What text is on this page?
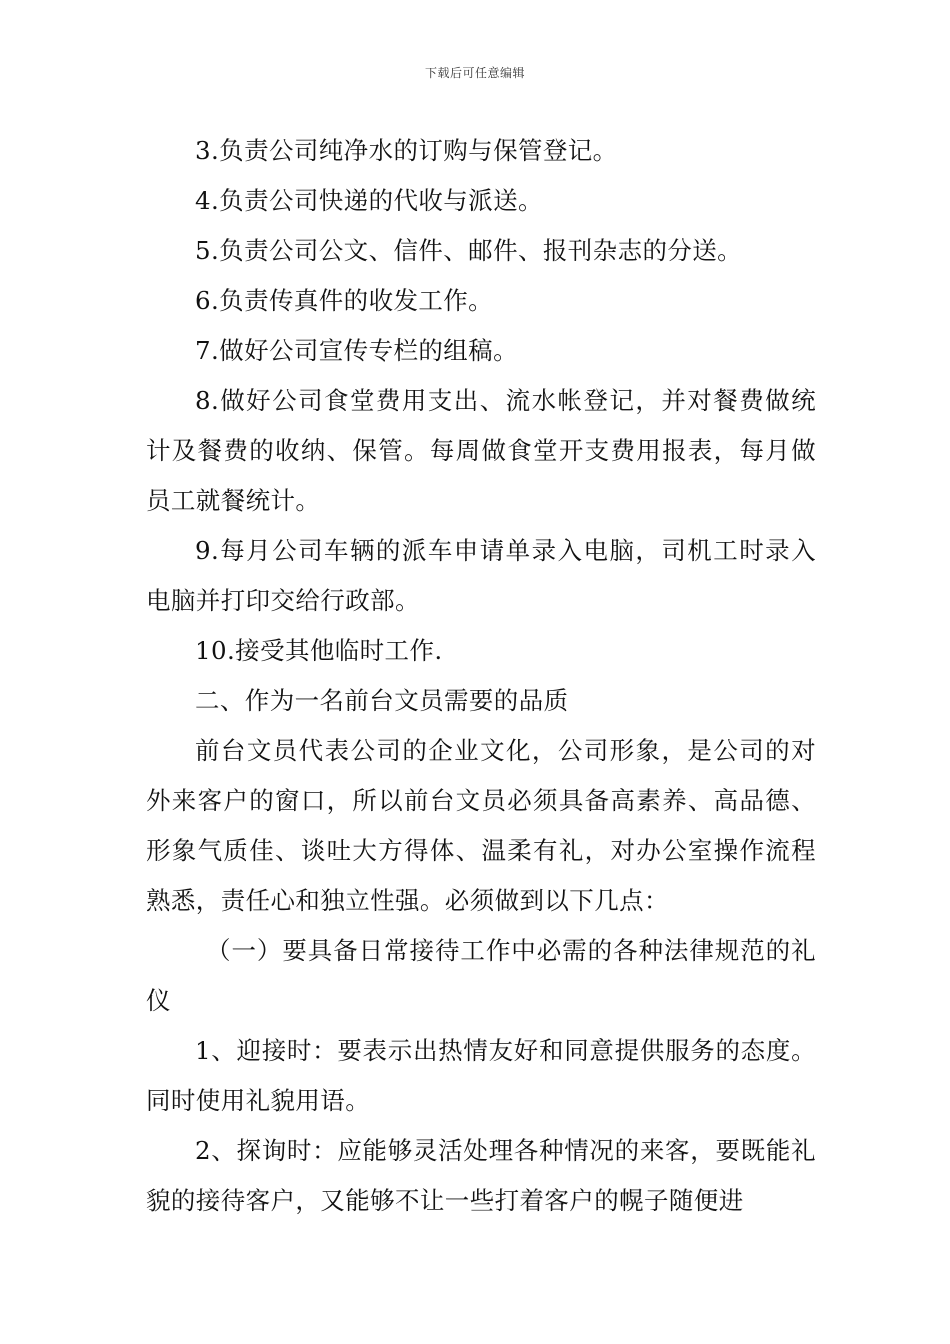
下载后可任意编辑

3.负责公司纯净水的订购与保管登记。

4.负责公司快递的代收与派送。

5.负责公司公文、信件、邮件、报刊杂志的分送。

6.负责传真件的收发工作。

7.做好公司宣传专栏的组稿。

8.做好公司食堂费用支出、流水帐登记，并对餐费做统计及餐费的收纳、保管。每周做食堂开支费用报表，每月做员工就餐统计。

9.每月公司车辆的派车申请单录入电脑，司机工时录入电脑并打印交给行政部。

10.接受其他临时工作.

二、作为一名前台文员需要的品质

前台文员代表公司的企业文化，公司形象，是公司的对外来客户的窗口，所以前台文员必须具备高素养、高品德、形象气质佳、谈吐大方得体、温柔有礼，对办公室操作流程熟悉，责任心和独立性强。必须做到以下几点：

（一）要具备日常接待工作中必需的各种法律规范的礼仪

1、迎接时：要表示出热情友好和同意提供服务的态度。同时使用礼貌用语。

2、探询时：应能够灵活处理各种情况的来客，要既能礼貌的接待客户，又能够不让一些打着客户的幌子随便进
